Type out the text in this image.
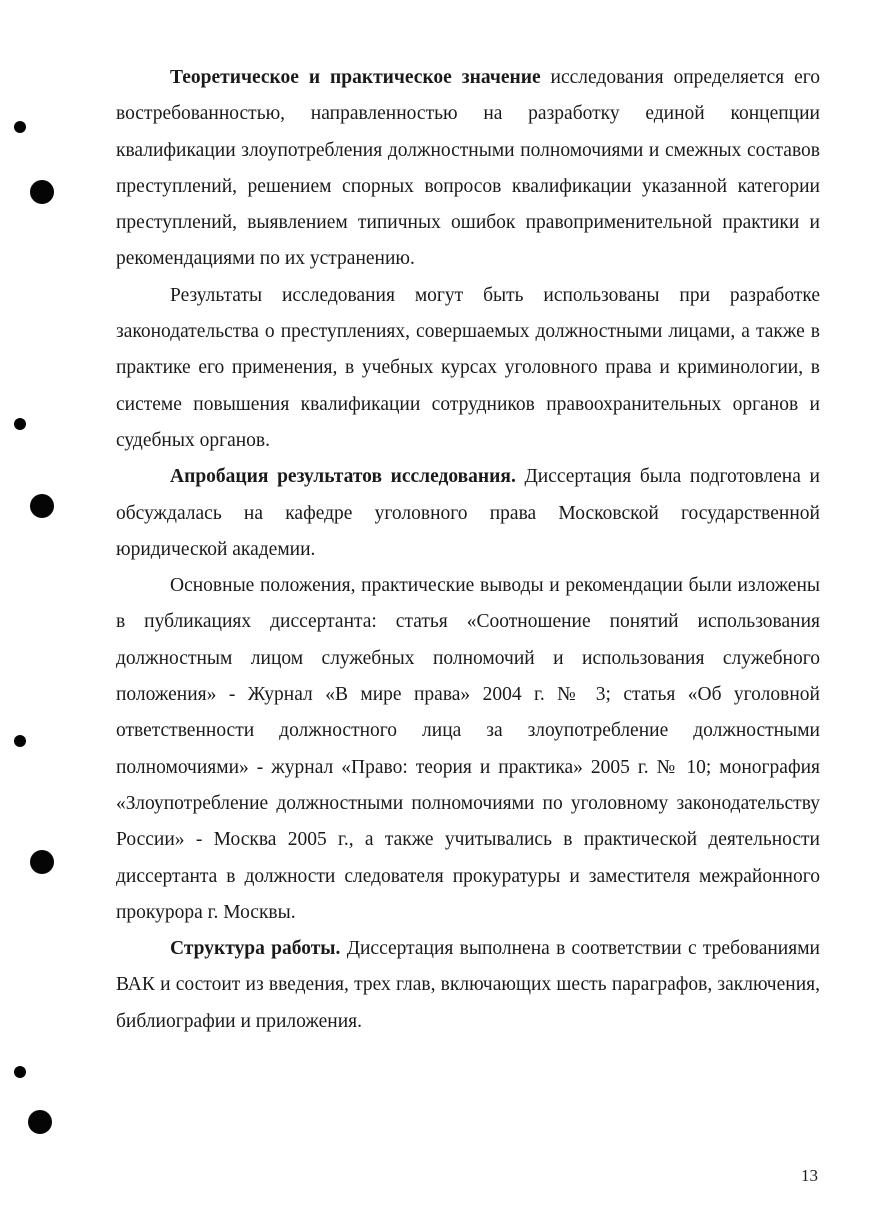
Теоретическое и практическое значение исследования определяется его востребованностью, направленностью на разработку единой концепции квалификации злоупотребления должностными полномочиями и смежных составов преступлений, решением спорных вопросов квалификации указанной категории преступлений, выявлением типичных ошибок правоприменительной практики и рекомендациями по их устранению.

Результаты исследования могут быть использованы при разработке законодательства о преступлениях, совершаемых должностными лицами, а также в практике его применения, в учебных курсах уголовного права и криминологии, в системе повышения квалификации сотрудников правоохранительных органов и судебных органов.

Апробация результатов исследования. Диссертация была подготовлена и обсуждалась на кафедре уголовного права Московской государственной юридической академии.

Основные положения, практические выводы и рекомендации были изложены в публикациях диссертанта: статья «Соотношение понятий использования должностным лицом служебных полномочий и использования служебного положения» - Журнал «В мире права» 2004 г. № 3; статья «Об уголовной ответственности должностного лица за злоупотребление должностными полномочиями» - журнал «Право: теория и практика» 2005 г. № 10; монография «Злоупотребление должностными полномочиями по уголовному законодательству России» - Москва 2005 г., а также учитывались в практической деятельности диссертанта в должности следователя прокуратуры и заместителя межрайонного прокурора г. Москвы.

Структура работы. Диссертация выполнена в соответствии с требованиями ВАК и состоит из введения, трех глав, включающих шесть параграфов, заключения, библиографии и приложения.

13
